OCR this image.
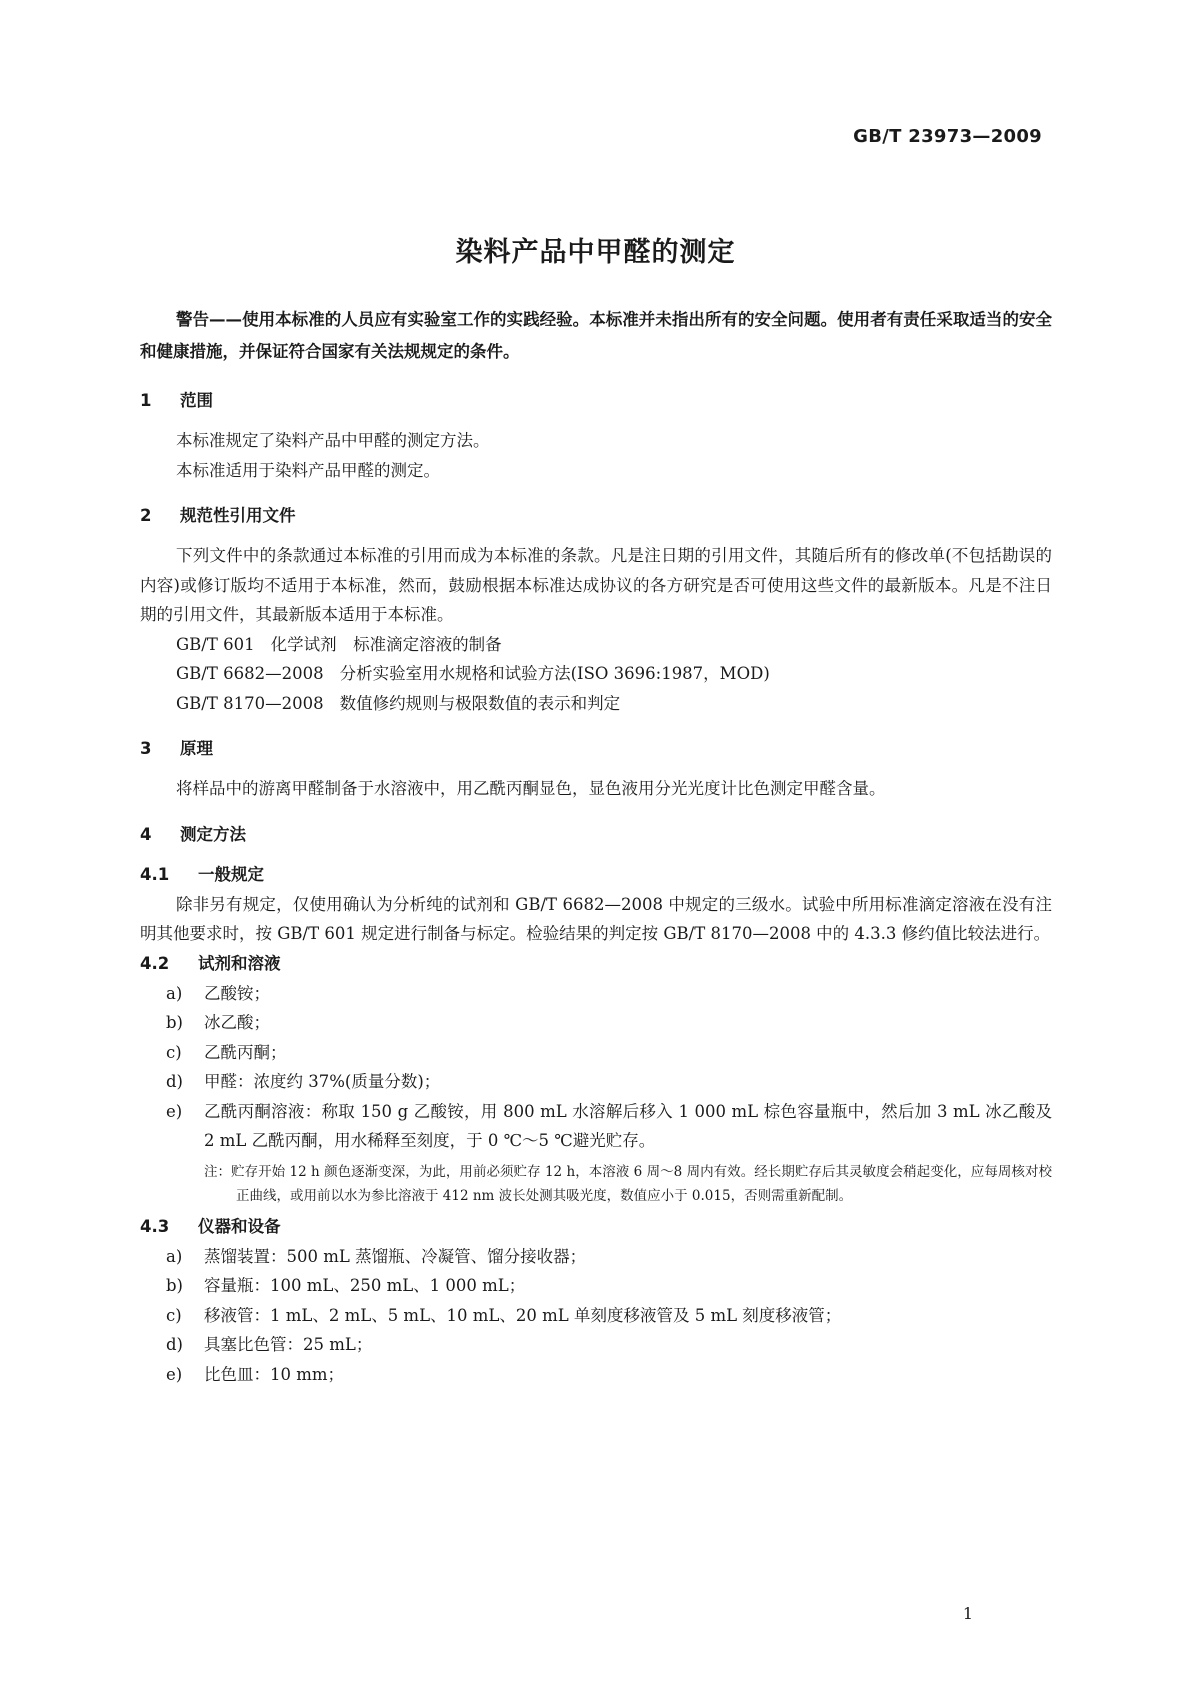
GB/T 23973—2009
染料产品中甲醛的测定

警告——使用本标准的人员应有实验室工作的实践经验。本标准并未指出所有的安全问题。使用者有责任采取适当的安全和健康措施，并保证符合国家有关法规规定的条件。

1 范围

本标准规定了染料产品中甲醛的测定方法。

本标准适用于染料产品甲醛的测定。

2 规范性引用文件

下列文件中的条款通过本标准的引用而成为本标准的条款。凡是注日期的引用文件，其随后所有的修改单(不包括勘误的内容)或修订版均不适用于本标准，然而，鼓励根据本标准达成协议的各方研究是否可使用这些文件的最新版本。凡是不注日期的引用文件，其最新版本适用于本标准。

GB/T 601 化学试剂　标准滴定溶液的制备
GB/T 6682—2008 分析实验室用水规格和试验方法(ISO 3696:1987，MOD)
GB/T 8170—2008 数值修约规则与极限数值的表示和判定
3 原理

将样品中的游离甲醛制备于水溶液中，用乙酰丙酮显色，显色液用分光光度计比色测定甲醛含量。

4 测定方法
4.1 一般规定

除非另有规定，仅使用确认为分析纯的试剂和 GB/T 6682—2008 中规定的三级水。试验中所用标准滴定溶液在没有注明其他要求时，按 GB/T 601 规定进行制备与标定。检验结果的判定按 GB/T 8170—2008 中的 4.3.3 修约值比较法进行。

4.2 试剂和溶液
a)	乙酸铵；
b)	冰乙酸；
c)	乙酰丙酮；
d)	甲醛：浓度约 37%(质量分数)；
e)	乙酰丙酮溶液：称取 150 g 乙酸铵，用 800 mL 水溶解后移入 1 000 mL 棕色容量瓶中，然后加 3 mL 冰乙酸及 2 mL 乙酰丙酮，用水稀释至刻度，于 0 ℃～5 ℃避光贮存。
注：贮存开始 12 h 颜色逐渐变深，为此，用前必须贮存 12 h，本溶液 6 周～8 周内有效。经长期贮存后其灵敏度会稍起变化，应每周核对校正曲线，或用前以水为参比溶液于 412 nm 波长处测其吸光度，数值应小于 0.015，否则需重新配制。
4.3 仪器和设备
a)	蒸馏装置：500 mL 蒸馏瓶、冷凝管、馏分接收器；
b)	容量瓶：100 mL、250 mL、1 000 mL；
c)	移液管：1 mL、2 mL、5 mL、10 mL、20 mL 单刻度移液管及 5 mL 刻度移液管；
d)	具塞比色管：25 mL；
e)	比色皿：10 mm；
1
